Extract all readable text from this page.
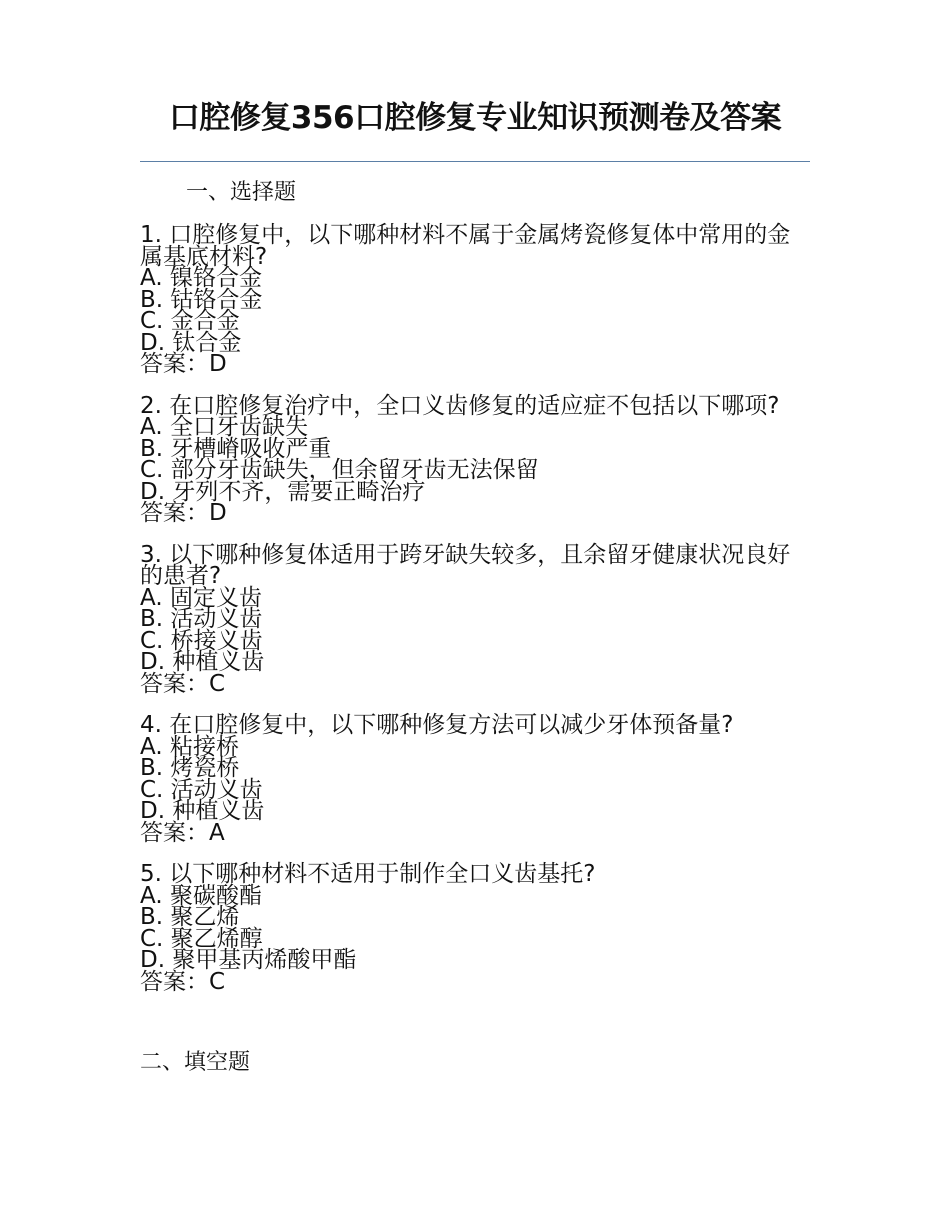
口腔修复356口腔修复专业知识预测卷及答案
一、选择题
1. 口腔修复中，以下哪种材料不属于金属烤瓷修复体中常用的金属基底材料?
A. 镍铬合金
B. 钴铬合金
C. 金合金
D. 钛合金
答案：D
2. 在口腔修复治疗中，全口义齿修复的适应症不包括以下哪项?
A. 全口牙齿缺失
B. 牙槽嵴吸收严重
C. 部分牙齿缺失，但余留牙齿无法保留
D. 牙列不齐，需要正畸治疗
答案：D
3. 以下哪种修复体适用于跨牙缺失较多，且余留牙健康状况良好的患者?
A. 固定义齿
B. 活动义齿
C. 桥接义齿
D. 种植义齿
答案：C
4. 在口腔修复中，以下哪种修复方法可以减少牙体预备量?
A. 粘接桥
B. 烤瓷桥
C. 活动义齿
D. 种植义齿
答案：A
5. 以下哪种材料不适用于制作全口义齿基托?
A. 聚碳酸酯
B. 聚乙烯
C. 聚乙烯醇
D. 聚甲基丙烯酸甲酯
答案：C
二、填空题
